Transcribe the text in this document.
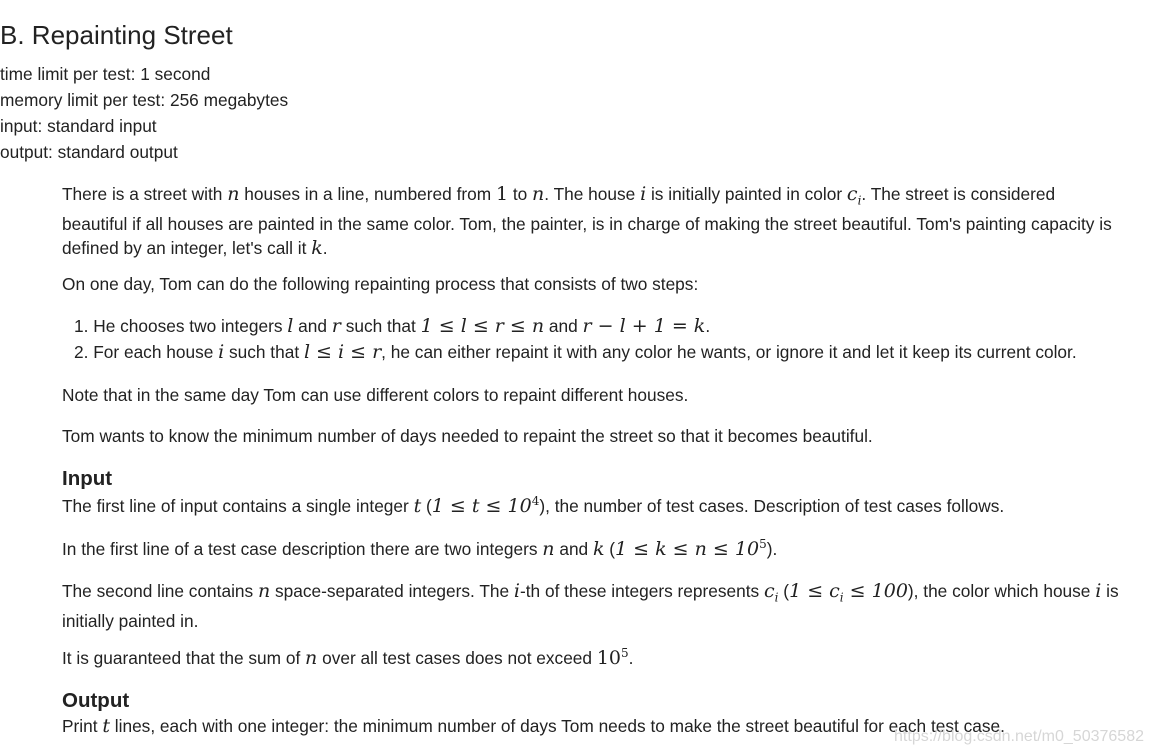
B. Repainting Street
time limit per test: 1 second
memory limit per test: 256 megabytes
input: standard input
output: standard output
There is a street with n houses in a line, numbered from 1 to n. The house i is initially painted in color $c_i$. The street is considered
beautiful if all houses are painted in the same color. Tom, the painter, is in charge of making the street beautiful. Tom's painting capacity is
defined by an integer, let's call it k.
On one day, Tom can do the following repainting process that consists of two steps:
1. He chooses two integers l and r such that 1 ≤ l ≤ r ≤ n and r − l + 1 = k.
2. For each house i such that l ≤ i ≤ r, he can either repaint it with any color he wants, or ignore it and let it keep its current color.
Note that in the same day Tom can use different colors to repaint different houses.
Tom wants to know the minimum number of days needed to repaint the street so that it becomes beautiful.
Input
The first line of input contains a single integer t $(1 \le t \le 10^4)$, the number of test cases. Description of test cases follows.
In the first line of a test case description there are two integers n and k $(1 \le k \le n \le 10^5)$.
The second line contains n space-separated integers. The i-th of these integers represents $c_i$ $(1 \le c_i \le 100)$, the color which house i is
initially painted in.
It is guaranteed that the sum of n over all test cases does not exceed $10^5$.
Output
Print t lines, each with one integer: the minimum number of days Tom needs to make the street beautiful for each test case.
https://blog.csdn.net/m0_50376582
